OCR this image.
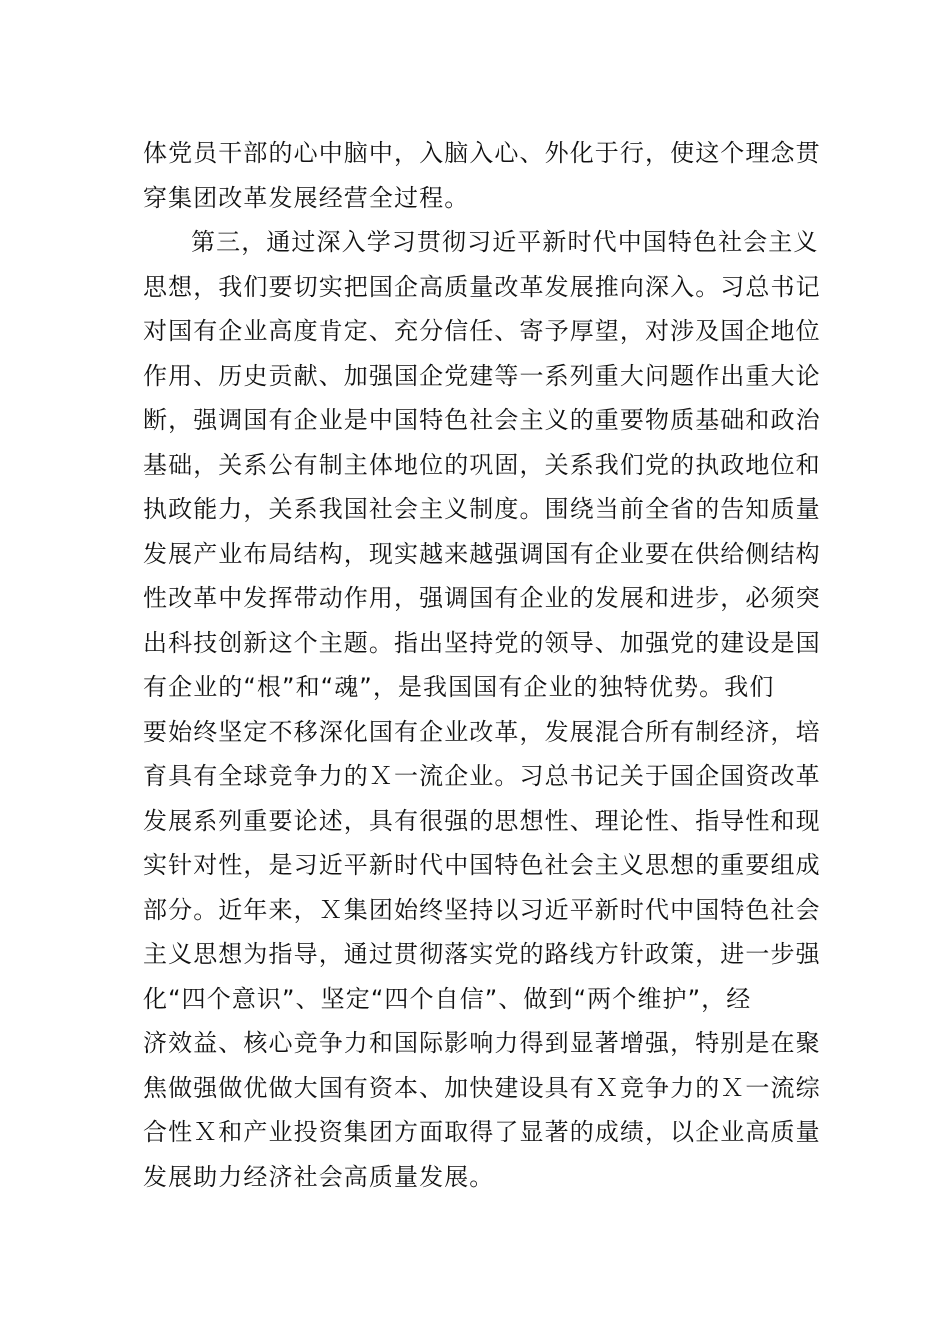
体党员干部的心中脑中，入脑入心、外化于行，使这个理念贯
穿集团改革发展经营全过程。
第三，通过深入学习贯彻习近平新时代中国特色社会主义
思想，我们要切实把国企高质量改革发展推向深入。习总书记
对国有企业高度肯定、充分信任、寄予厚望，对涉及国企地位
作用、历史贡献、加强国企党建等一系列重大问题作出重大论
断，强调国有企业是中国特色社会主义的重要物质基础和政治
基础，关系公有制主体地位的巩固，关系我们党的执政地位和
执政能力，关系我国社会主义制度。围绕当前全省的告知质量
发展产业布局结构，现实越来越强调国有企业要在供给侧结构
性改革中发挥带动作用，强调国有企业的发展和进步，必须突
出科技创新这个主题。指出坚持党的领导、加强党的建设是国
有企业的“根”和“魂”，是我国国有企业的独特优势。我们
要始终坚定不移深化国有企业改革，发展混合所有制经济，培
育具有全球竞争力的Ｘ一流企业。习总书记关于国企国资改革
发展系列重要论述，具有很强的思想性、理论性、指导性和现
实针对性，是习近平新时代中国特色社会主义思想的重要组成
部分。近年来，Ｘ集团始终坚持以习近平新时代中国特色社会
主义思想为指导，通过贯彻落实党的路线方针政策，进一步强
化“四个意识”、坚定“四个自信”、做到“两个维护”，经
济效益、核心竞争力和国际影响力得到显著增强，特别是在聚
焦做强做优做大国有资本、加快建设具有Ｘ竞争力的Ｘ一流综
合性Ｘ和产业投资集团方面取得了显著的成绩，以企业高质量
发展助力经济社会高质量发展。
